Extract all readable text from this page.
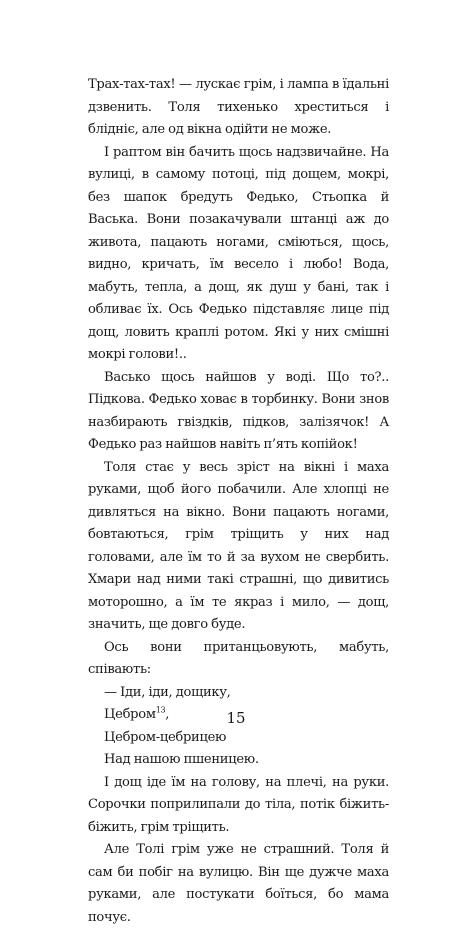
Трах-тах-тах! — лускає грім, і лампа в їдальні дзвенить. Толя тихенько хреститься і блідніє, але од вікна одійти не може.

І раптом він бачить щось надзвичайне. На вулиці, в самому потоці, під дощем, мокрі, без шапок бредуть Федько, Стьопка й Васька. Вони позакачували штанці аж до живота, пацають ногами, сміються, щось, видно, кричать, їм весело і любо! Вода, мабуть, тепла, а дощ, як душ у бані, так і обливає їх. Ось Федько підставляє лице під дощ, ловить краплі ротом. Які у них смішні мокрі голови!..

Васько щось найшов у воді. Що то?.. Підкова. Федько ховає в торбинку. Вони знов назбирають гвіздків, підков, залізячок! А Федько раз найшов навіть п’ять копійок!

Толя стає у весь зріст на вікні і маха руками, щоб його побачили. Але хлопці не дивляться на вікно. Вони пацають ногами, бовтаються, грім тріщить у них над головами, але їм то й за вухом не свербить. Хмари над ними такі страшні, що дивитись моторошно, а їм те якраз і мило, — дощ, значить, ще довго буде.

Ось вони пританцьовують, мабуть, співають:

— Іди, іди, дощику,

Цебром$^{13}$,

Цебром-цебрицею

Над нашою пшеницею.

І дощ іде їм на голову, на плечі, на руки. Сорочки поприлипали до тіла, потік біжить-біжить, грім тріщить.

Але Толі грім уже не страшний. Толя й сам би побіг на вулицю. Він ще дужче маха руками, але постукати боїться, бо мама почує.

15
